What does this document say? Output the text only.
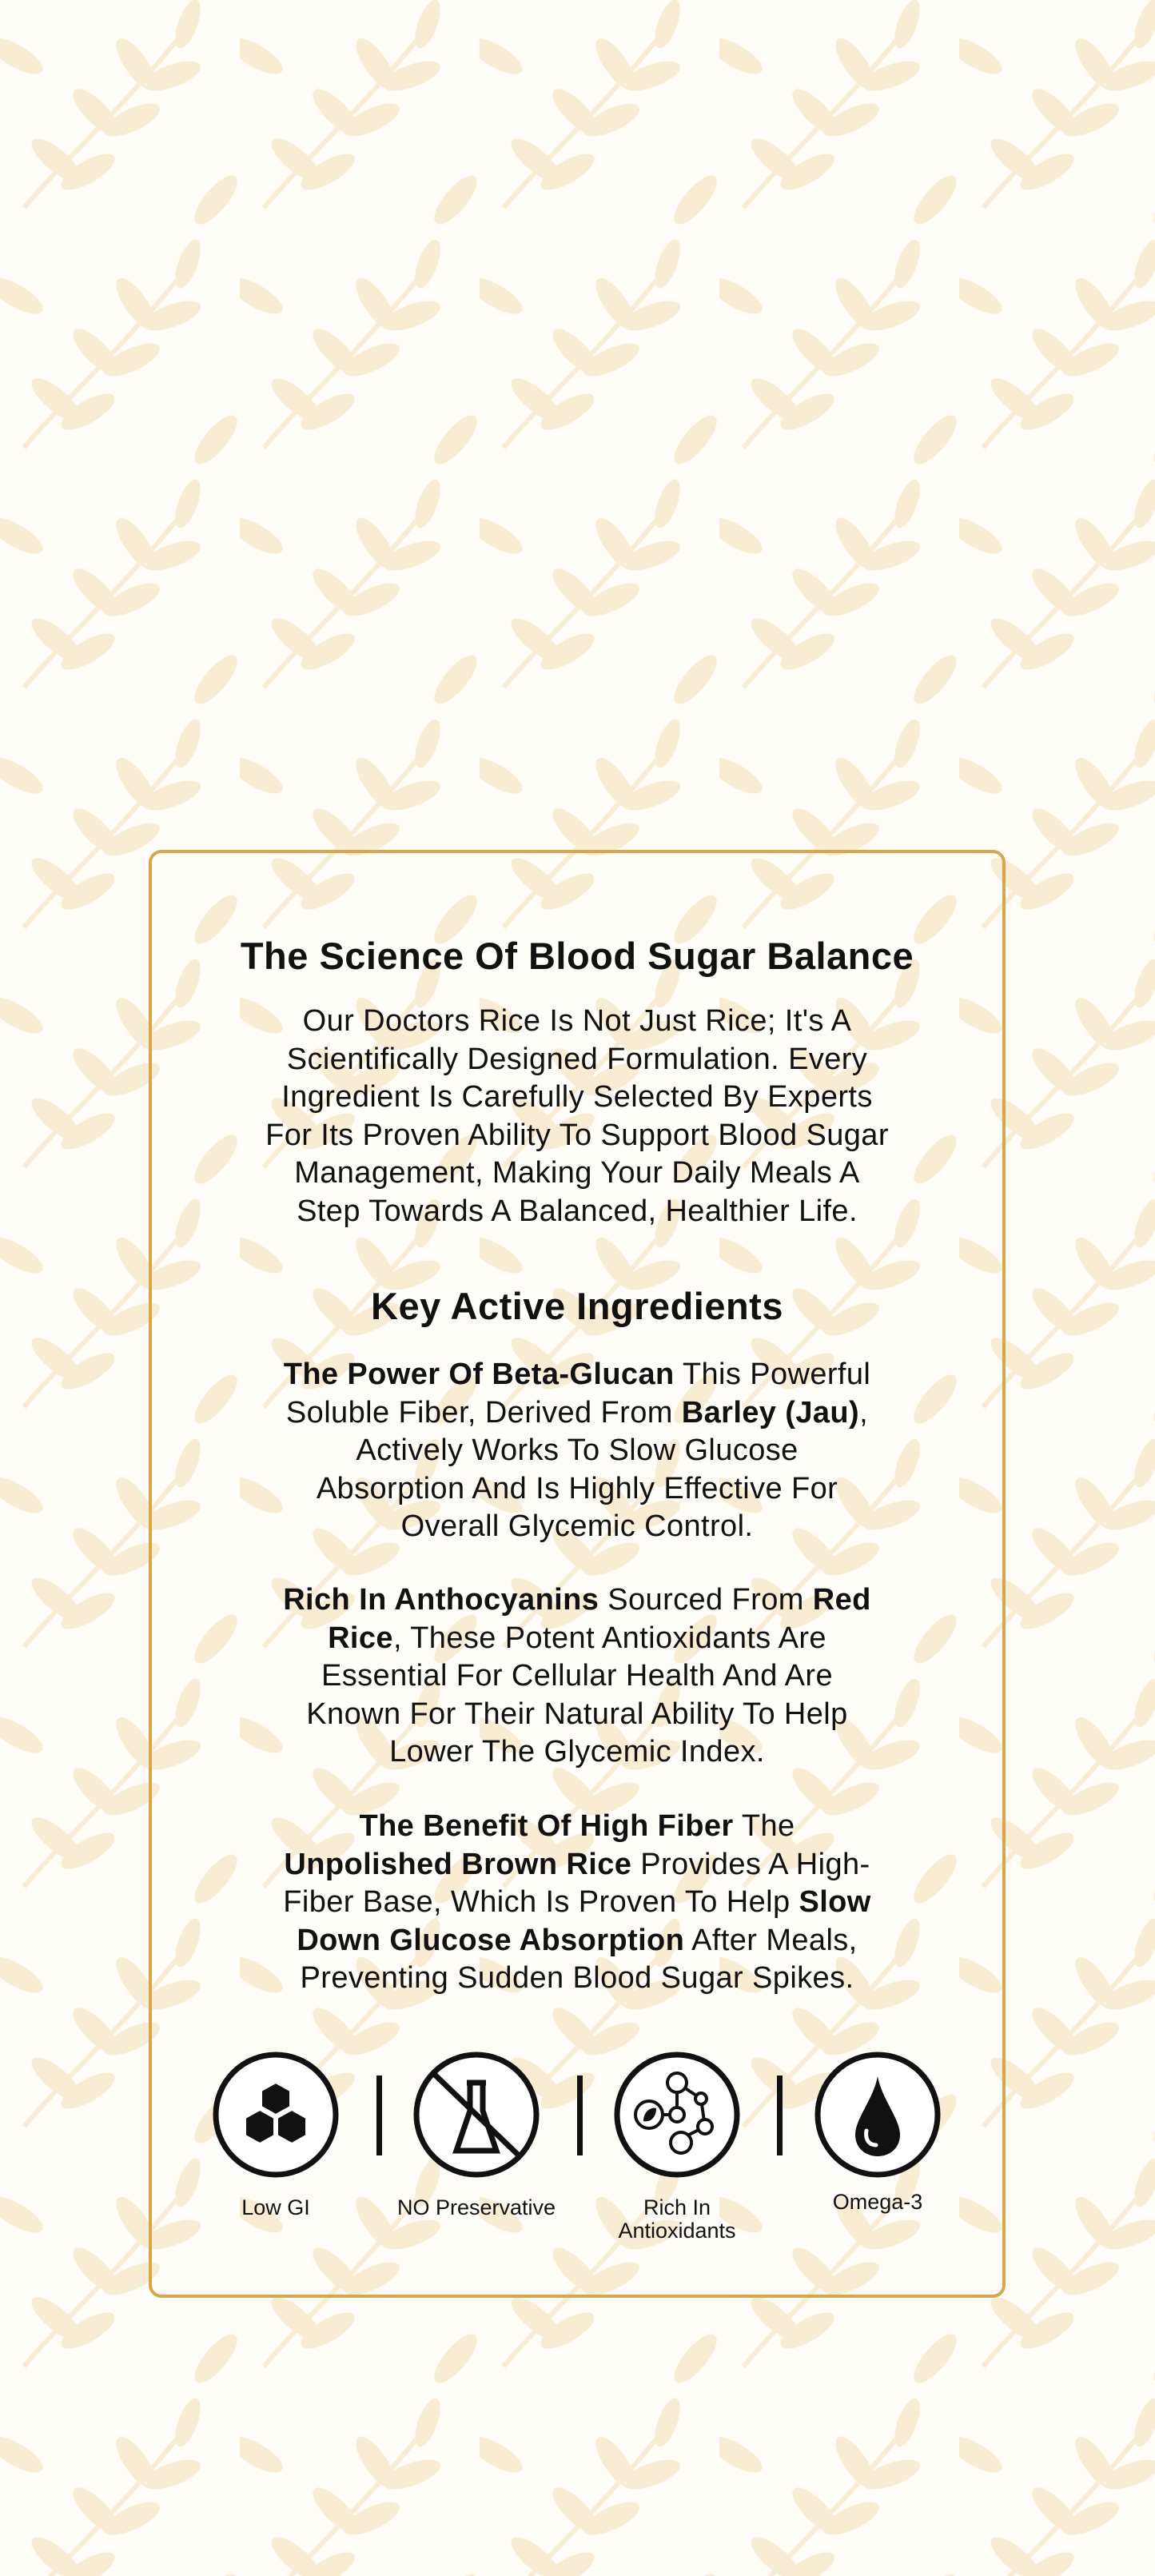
The Science Of Blood Sugar Balance
Our Doctors Rice Is Not Just Rice; It's A
Scientifically Designed Formulation. Every
Ingredient Is Carefully Selected By Experts
For Its Proven Ability To Support Blood Sugar
Management, Making Your Daily Meals A
Step Towards A Balanced, Healthier Life.
Key Active Ingredients
The Power Of Beta-Glucan This Powerful
Soluble Fiber, Derived From Barley (Jau),
Actively Works To Slow Glucose
Absorption And Is Highly Effective For
Overall Glycemic Control.
Rich In Anthocyanins Sourced From Red
Rice, These Potent Antioxidants Are
Essential For Cellular Health And Are
Known For Their Natural Ability To Help
Lower The Glycemic Index.
The Benefit Of High Fiber The
Unpolished Brown Rice Provides A High-
Fiber Base, Which Is Proven To Help Slow
Down Glucose Absorption After Meals,
Preventing Sudden Blood Sugar Spikes.
Low GI	NO Preservative	Rich In Antioxidants
Omega-3
